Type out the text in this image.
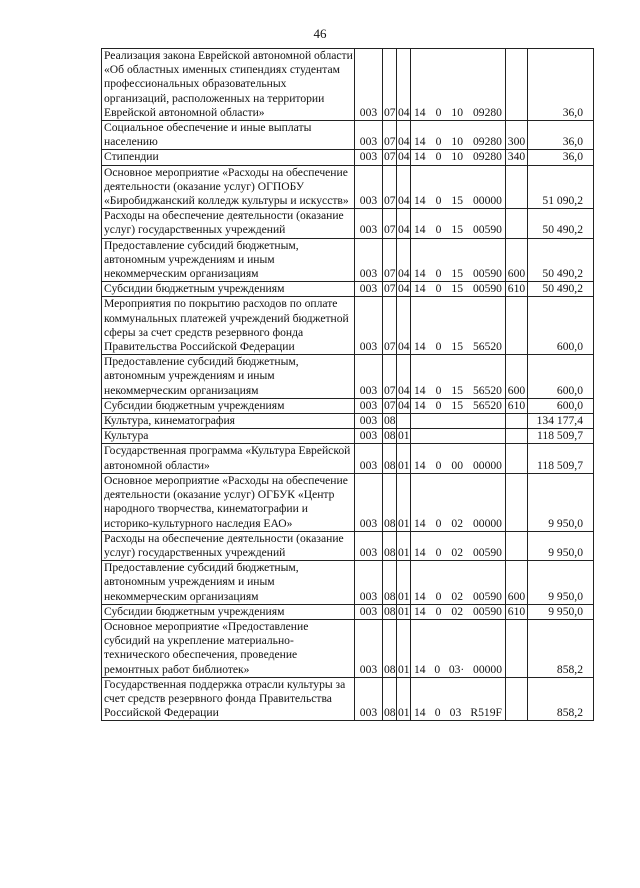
46
Реализация закона Еврейской автономной области «Об областных именных стипендиях студентам профессиональных образовательных организаций, расположенных на территории Еврейской автономной области»	003	07	04	14 0 10 09280		36,0
Социальное обеспечение и иные выплаты населению	003	07	04	14 0 10 09280	300	36,0
Стипендии	003	07	04	14 0 10 09280	340	36,0
Основное мероприятие «Расходы на обеспечение деятельности (оказание услуг) ОГПОБУ «Биробиджанский колледж культуры и искусств»	003	07	04	14 0 15 00000		51 090,2
Расходы на обеспечение деятельности (оказание услуг) государственных учреждений	003	07	04	14 0 15 00590		50 490,2
Предоставление субсидий бюджетным, автономным учреждениям и иным некоммерческим организациям	003	07	04	14 0 15 00590	600	50 490,2
Субсидии бюджетным учреждениям	003	07	04	14 0 15 00590	610	50 490,2
Мероприятия по покрытию расходов по оплате коммунальных платежей учреждений бюджетной сферы за счет средств резервного фонда Правительства Российской Федерации	003	07	04	14 0 15 56520		600,0
Предоставление субсидий бюджетным, автономным учреждениям и иным некоммерческим организациям	003	07	04	14 0 15 56520	600	600,0
Субсидии бюджетным учреждениям	003	07	04	14 0 15 56520	610	600,0
Культура, кинематография	003	08				134 177,4
Культура	003	08	01			118 509,7
Государственная программа «Культура Еврейской автономной области»	003	08	01	14 0 00 00000		118 509,7
Основное мероприятие «Расходы на обеспечение деятельности (оказание услуг) ОГБУК «Центр народного творчества, кинематографии и историко-культурного наследия ЕАО»	003	08	01	14 0 02 00000		9 950,0
Расходы на обеспечение деятельности (оказание услуг) государственных учреждений	003	08	01	14 0 02 00590		9 950,0
Предоставление субсидий бюджетным, автономным учреждениям и иным некоммерческим организациям	003	08	01	14 0 02 00590	600	9 950,0
Субсидии бюджетным учреждениям	003	08	01	14 0 02 00590	610	9 950,0
Основное мероприятие «Предоставление субсидий на укрепление материально-технического обеспечения, проведение ремонтных работ библиотек»	003	08	01	14 0 03· 00000		858,2
Государственная поддержка отрасли культуры за счет средств резервного фонда Правительства Российской Федерации	003	08	01	14 0 03 R519F		858,2
